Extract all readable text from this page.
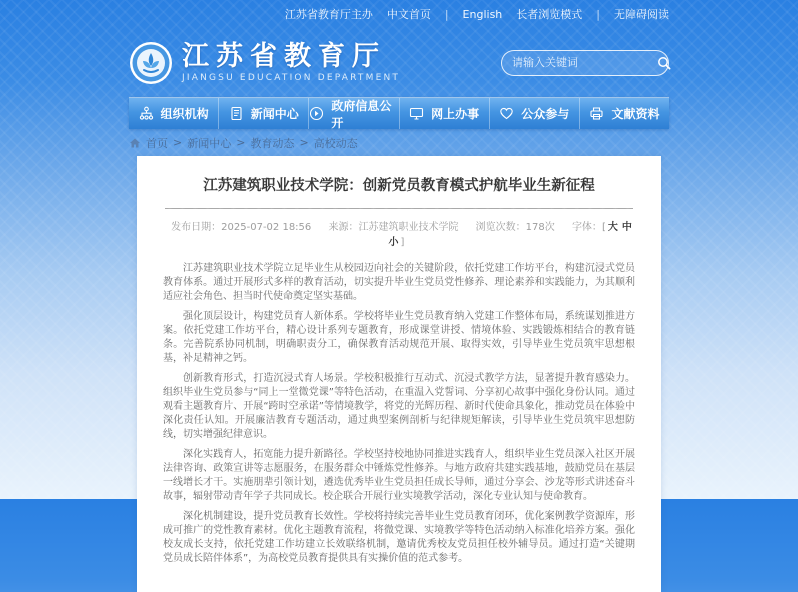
江苏省教育厅主办 中文首页 | English 长者浏览模式 | 无障碍阅读
江苏省教育厅
JIANGSU EDUCATION DEPARTMENT
请输入关键词
组织机构	新闻中心
政府信息公开
网上办事	公众参与	文献资料
首页 > 新闻中心 > 教育动态 > 高校动态
江苏建筑职业技术学院：创新党员教育模式护航毕业生新征程
发布日期：2025-07-02 18:56 来源：江苏建筑职业技术学院 浏览次数：178次 字体：[ 大 中小 ]

江苏建筑职业技术学院立足毕业生从校园迈向社会的关键阶段，依托党建工作坊平台，构建沉浸式党员教育体系。通过开展形式多样的教育活动，切实提升毕业生党员党性修养、理论素养和实践能力，为其顺利适应社会角色、担当时代使命奠定坚实基础。

强化顶层设计，构建党员育人新体系。学校将毕业生党员教育纳入党建工作整体布局，系统谋划推进方案。依托党建工作坊平台，精心设计系列专题教育，形成课堂讲授、情境体验、实践锻炼相结合的教育链条。完善院系协同机制，明确职责分工，确保教育活动规范开展、取得实效，引导毕业生党员筑牢思想根基，补足精神之钙。

创新教育形式，打造沉浸式育人场景。学校积极推行互动式、沉浸式教学方法，显著提升教育感染力。组织毕业生党员参与“同上一堂微党课”等特色活动，在重温入党誓词、分享初心故事中强化身份认同。通过观看主题教育片、开展“跨时空承诺”等情境教学，将党的光辉历程、新时代使命具象化，推动党员在体验中深化责任认知。开展廉洁教育专题活动，通过典型案例剖析与纪律规矩解读，引导毕业生党员筑牢思想防线，切实增强纪律意识。

深化实践育人，拓宽能力提升新路径。学校坚持校地协同推进实践育人，组织毕业生党员深入社区开展法律咨询、政策宣讲等志愿服务，在服务群众中锤炼党性修养。与地方政府共建实践基地，鼓励党员在基层一线增长才干。实施朋辈引领计划，遴选优秀毕业生党员担任成长导师，通过分享会、沙龙等形式讲述奋斗故事，辐射带动青年学子共同成长。校企联合开展行业实境教学活动，深化专业认知与使命教育。

深化机制建设，提升党员教育长效性。学校将持续完善毕业生党员教育闭环，优化案例教学资源库，形成可推广的党性教育素材。优化主题教育流程，将微党课、实境教学等特色活动纳入标准化培养方案。强化校友成长支持，依托党建工作坊建立长效联络机制，邀请优秀校友党员担任校外辅导员。通过打造“关键期党员成长陪伴体系”，为高校党员教育提供具有实操价值的范式参考。
